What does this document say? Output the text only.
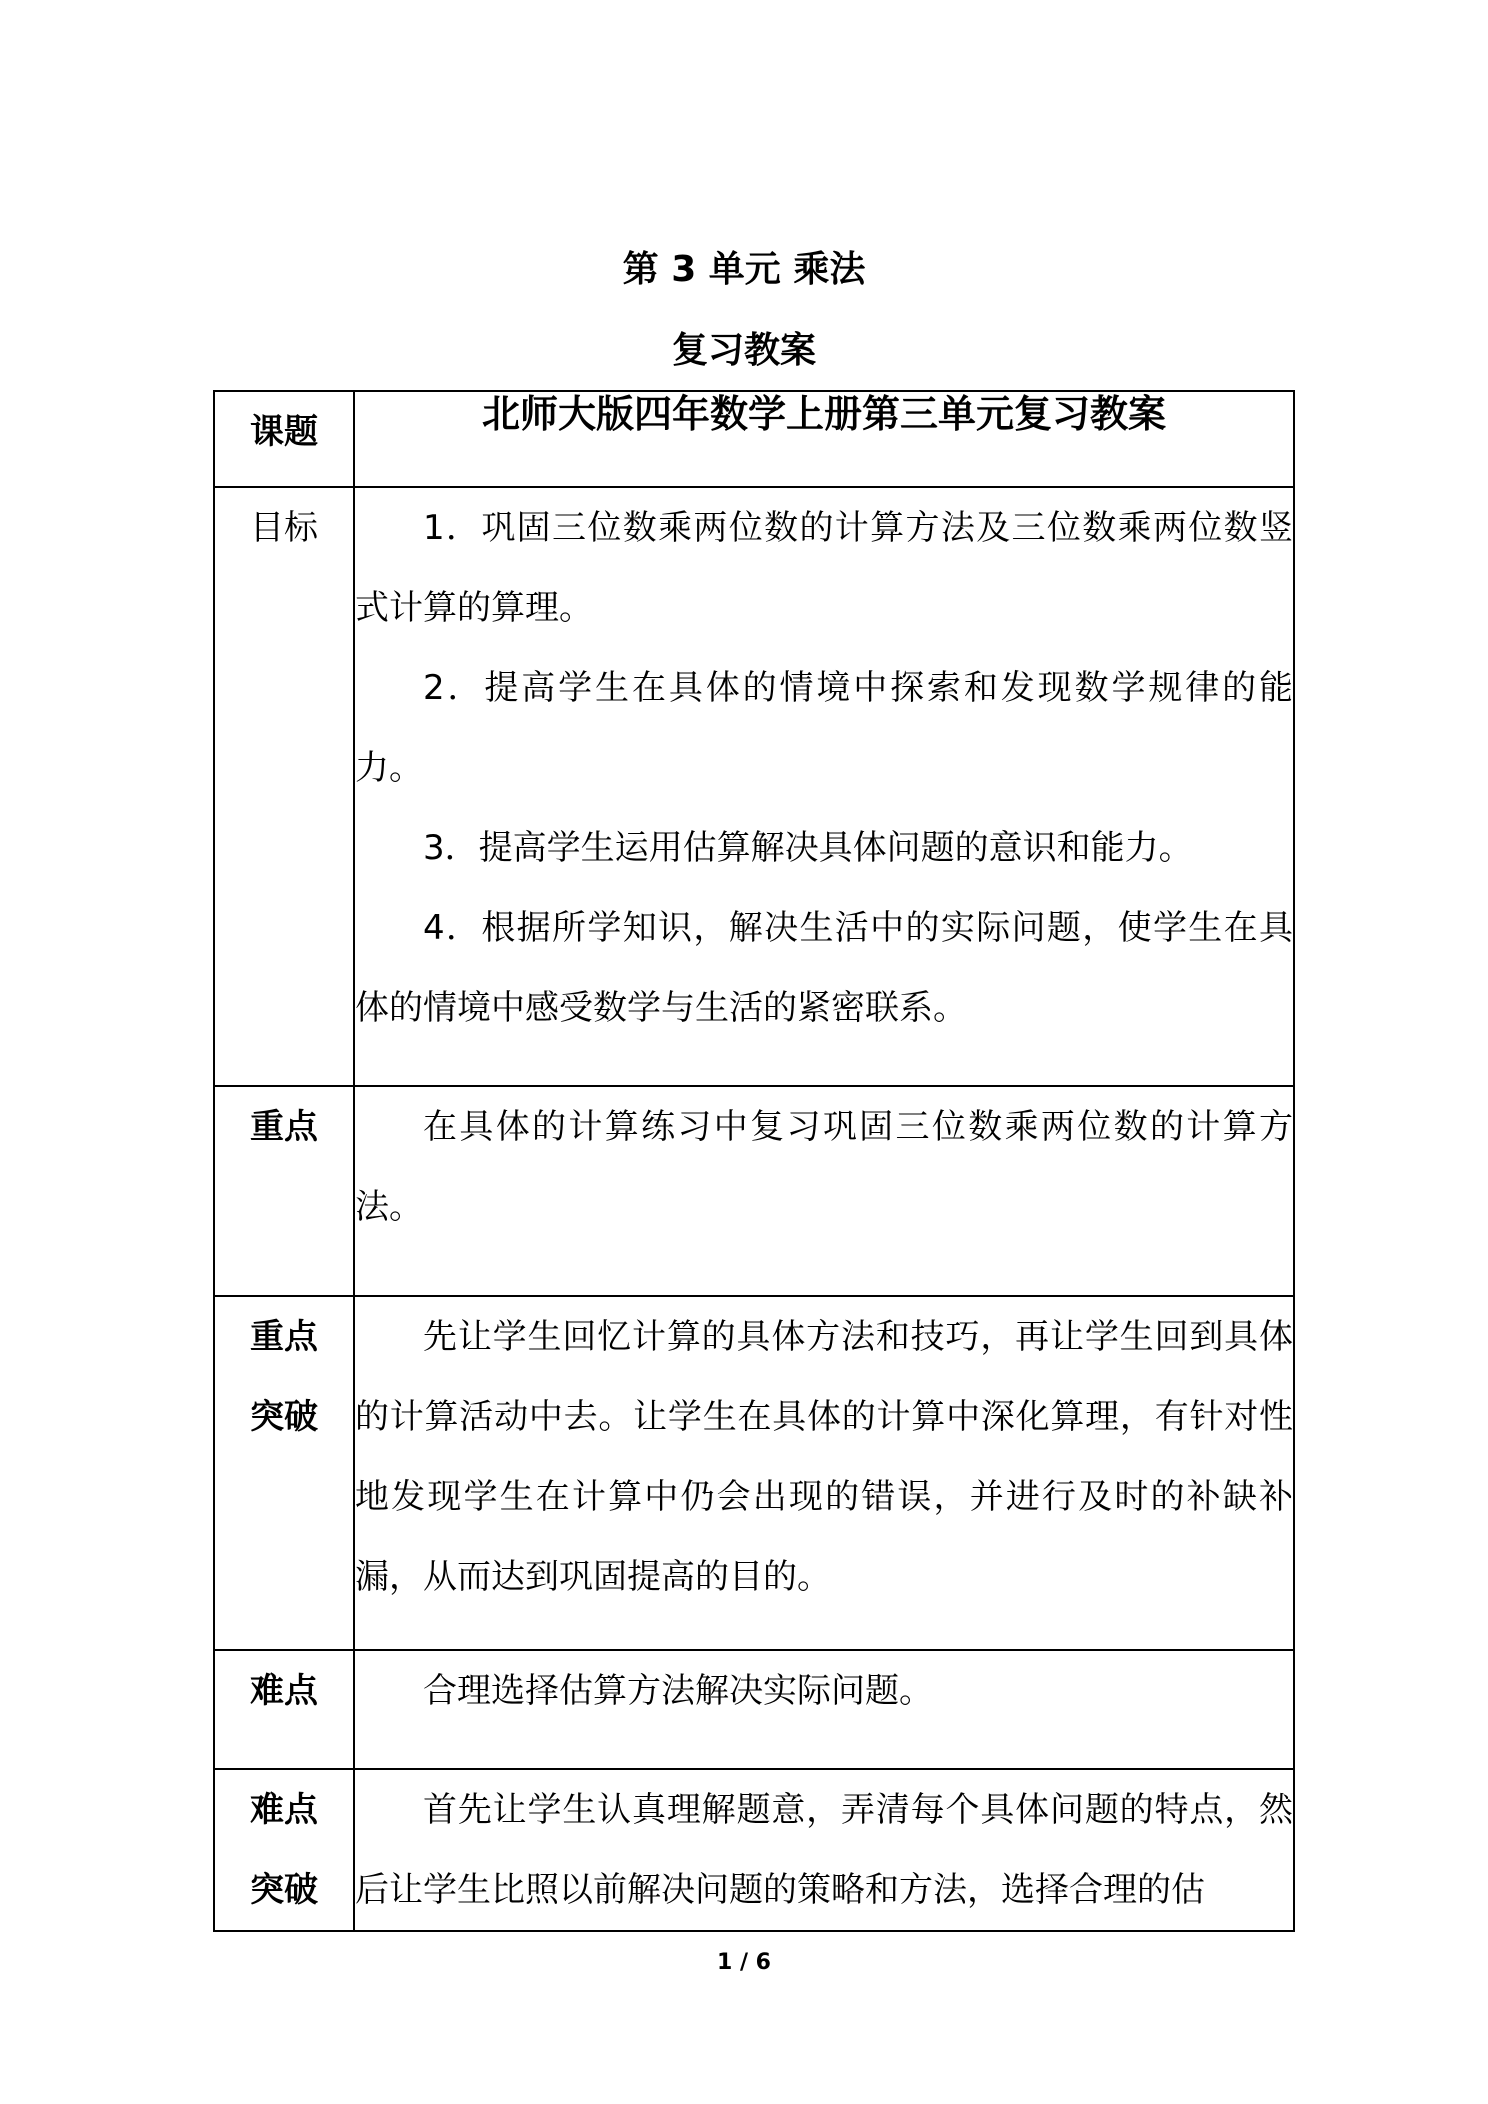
第 3 单元 乘法
复习教案
课题	北师大版四年数学上册第三单元复习教案
目标	1．巩固三位数乘两位数的计算方法及三位数乘两位数竖式计算的算理。

2．提高学生在具体的情境中探索和发现数学规律的能力。

3．提高学生运用估算解决具体问题的意识和能力。

4．根据所学知识，解决生活中的实际问题，使学生在具体的情境中感受数学与生活的紧密联系。

重点	在具体的计算练习中复习巩固三位数乘两位数的计算方法。

重点
突破	先让学生回忆计算的具体方法和技巧，再让学生回到具体的计算活动中去。让学生在具体的计算中深化算理，有针对性地发现学生在计算中仍会出现的错误，并进行及时的补缺补漏，从而达到巩固提高的目的。

难点	合理选择估算方法解决实际问题。

难点
突破	首先让学生认真理解题意，弄清每个具体问题的特点，然后让学生比照以前解决问题的策略和方法，选择合理的估

1 / 6
